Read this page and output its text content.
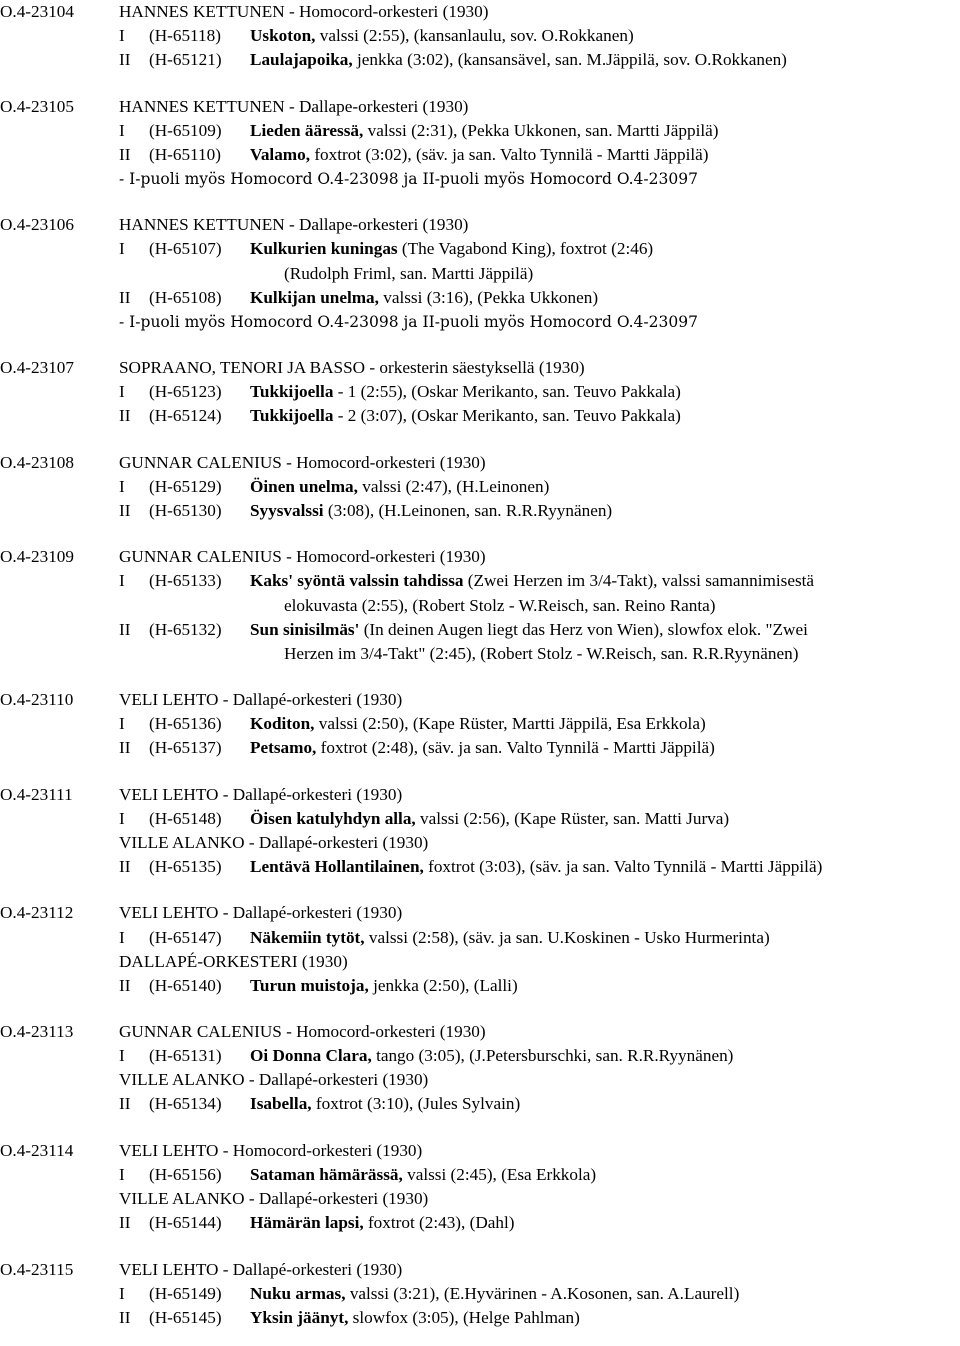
O.4-23104	HANNES KETTUNEN - Homocord-orkesteri (1930)
I (H-65118) Uskoton, valssi (2:55), (kansanlaulu, sov. O.Rokkanen)
II (H-65121) Laulajapoika, jenkka (3:02), (kansansävel, san. M.Jäppilä, sov. O.Rokkanen)
O.4-23105	HANNES KETTUNEN - Dallape-orkesteri (1930)
I (H-65109) Lieden ääressä, valssi (2:31), (Pekka Ukkonen, san. Martti Jäppilä)
II (H-65110) Valamo, foxtrot (3:02), (säv. ja san. Valto Tynnilä - Martti Jäppilä)
- I-puoli myös Homocord O.4-23098 ja II-puoli myös Homocord O.4-23097
O.4-23106	HANNES KETTUNEN - Dallape-orkesteri (1930)
I (H-65107) Kulkurien kuningas (The Vagabond King), foxtrot (2:46)
(Rudolph Friml, san. Martti Jäppilä)
II (H-65108) Kulkijan unelma, valssi (3:16), (Pekka Ukkonen)
- I-puoli myös Homocord O.4-23098 ja II-puoli myös Homocord O.4-23097
O.4-23107	SOPRAANO, TENORI JA BASSO - orkesterin säestyksellä (1930)
I (H-65123) Tukkijoella - 1 (2:55), (Oskar Merikanto, san. Teuvo Pakkala)
II (H-65124) Tukkijoella - 2 (3:07), (Oskar Merikanto, san. Teuvo Pakkala)
O.4-23108	GUNNAR CALENIUS - Homocord-orkesteri (1930)
I (H-65129) Öinen unelma, valssi (2:47), (H.Leinonen)
II (H-65130) Syysvalssi (3:08), (H.Leinonen, san. R.R.Ryynänen)
O.4-23109	GUNNAR CALENIUS - Homocord-orkesteri (1930)
I (H-65133) Kaks' syöntä valssin tahdissa (Zwei Herzen im 3/4-Takt), valssi samannimisestä
elokuvasta (2:55), (Robert Stolz - W.Reisch, san. Reino Ranta)
II (H-65132) Sun sinisilmäs' (In deinen Augen liegt das Herz von Wien), slowfox elok. "Zwei
Herzen im 3/4-Takt" (2:45), (Robert Stolz - W.Reisch, san. R.R.Ryynänen)
O.4-23110	VELI LEHTO - Dallapé-orkesteri (1930)
I (H-65136) Koditon, valssi (2:50), (Kape Rüster, Martti Jäppilä, Esa Erkkola)
II (H-65137) Petsamo, foxtrot (2:48), (säv. ja san. Valto Tynnilä - Martti Jäppilä)
O.4-23111	VELI LEHTO - Dallapé-orkesteri (1930)
I (H-65148) Öisen katulyhdyn alla, valssi (2:56), (Kape Rüster, san. Matti Jurva)
VILLE ALANKO - Dallapé-orkesteri (1930)
II (H-65135) Lentävä Hollantilainen, foxtrot (3:03), (säv. ja san. Valto Tynnilä - Martti Jäppilä)
O.4-23112	VELI LEHTO - Dallapé-orkesteri (1930)
I (H-65147) Näkemiin tytöt, valssi (2:58), (säv. ja san. U.Koskinen - Usko Hurmerinta)
DALLAPÉ-ORKESTERI (1930)
II (H-65140) Turun muistoja, jenkka (2:50), (Lalli)
O.4-23113	GUNNAR CALENIUS - Homocord-orkesteri (1930)
I (H-65131) Oi Donna Clara, tango (3:05), (J.Petersburschki, san. R.R.Ryynänen)
VILLE ALANKO - Dallapé-orkesteri (1930)
II (H-65134) Isabella, foxtrot (3:10), (Jules Sylvain)
O.4-23114	VELI LEHTO - Homocord-orkesteri (1930)
I (H-65156) Sataman hämärässä, valssi (2:45), (Esa Erkkola)
VILLE ALANKO - Dallapé-orkesteri (1930)
II (H-65144) Hämärän lapsi, foxtrot (2:43), (Dahl)
O.4-23115	VELI LEHTO - Dallapé-orkesteri (1930)
I (H-65149) Nuku armas, valssi (3:21), (E.Hyvärinen - A.Kosonen, san. A.Laurell)
II (H-65145) Yksin jäänyt, slowfox (3:05), (Helge Pahlman)
